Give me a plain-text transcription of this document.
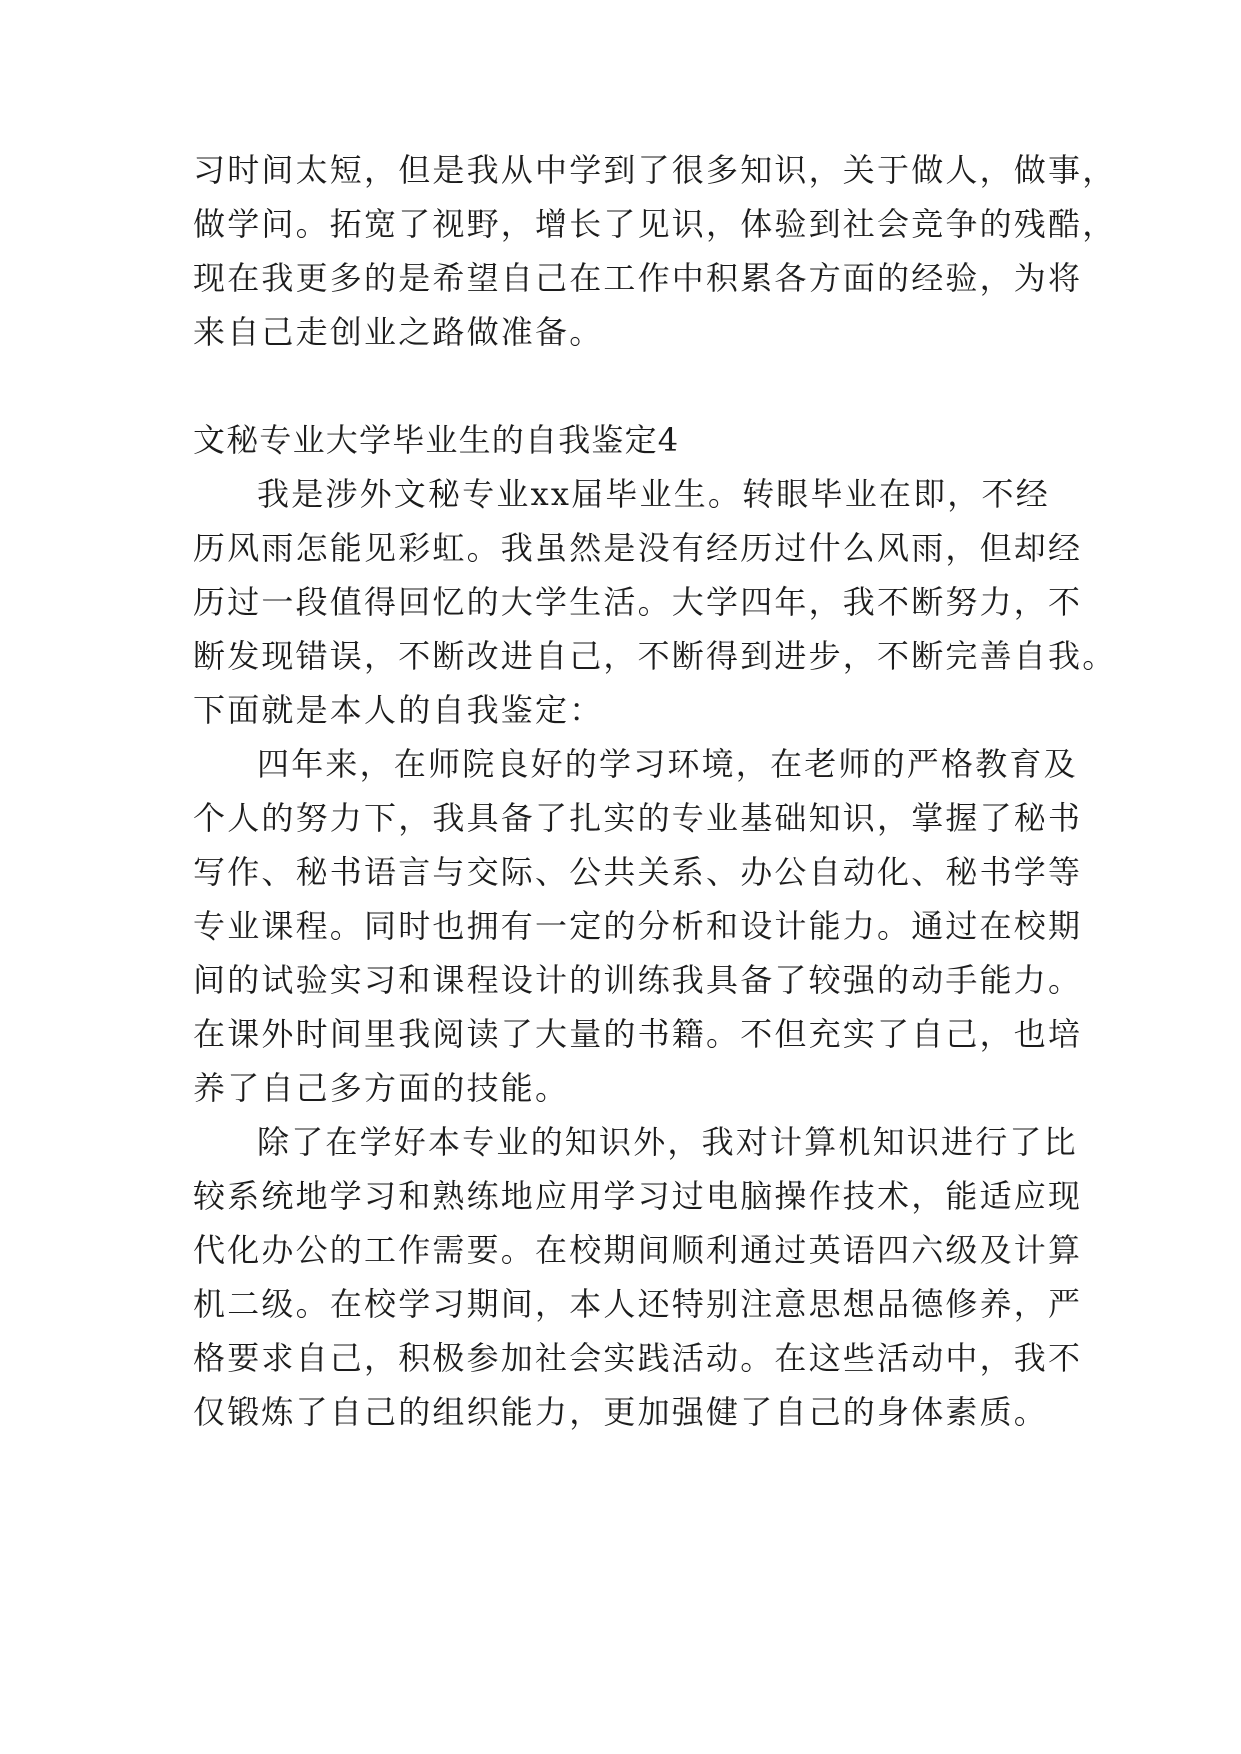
习时间太短，但是我从中学到了很多知识，关于做人，做事，
做学问。拓宽了视野，增长了见识，体验到社会竞争的残酷，
现在我更多的是希望自己在工作中积累各方面的经验，为将
来自己走创业之路做准备。
文秘专业大学毕业生的自我鉴定4
我是涉外文秘专业xx届毕业生。转眼毕业在即，不经
历风雨怎能见彩虹。我虽然是没有经历过什么风雨，但却经
历过一段值得回忆的大学生活。大学四年，我不断努力，不
断发现错误，不断改进自己，不断得到进步，不断完善自我。
下面就是本人的自我鉴定：
四年来，在师院良好的学习环境，在老师的严格教育及
个人的努力下，我具备了扎实的专业基础知识，掌握了秘书
写作、秘书语言与交际、公共关系、办公自动化、秘书学等
专业课程。同时也拥有一定的分析和设计能力。通过在校期
间的试验实习和课程设计的训练我具备了较强的动手能力。
在课外时间里我阅读了大量的书籍。不但充实了自己，也培
养了自己多方面的技能。
除了在学好本专业的知识外，我对计算机知识进行了比
较系统地学习和熟练地应用学习过电脑操作技术，能适应现
代化办公的工作需要。在校期间顺利通过英语四六级及计算
机二级。在校学习期间，本人还特别注意思想品德修养，严
格要求自己，积极参加社会实践活动。在这些活动中，我不
仅锻炼了自己的组织能力，更加强健了自己的身体素质。
